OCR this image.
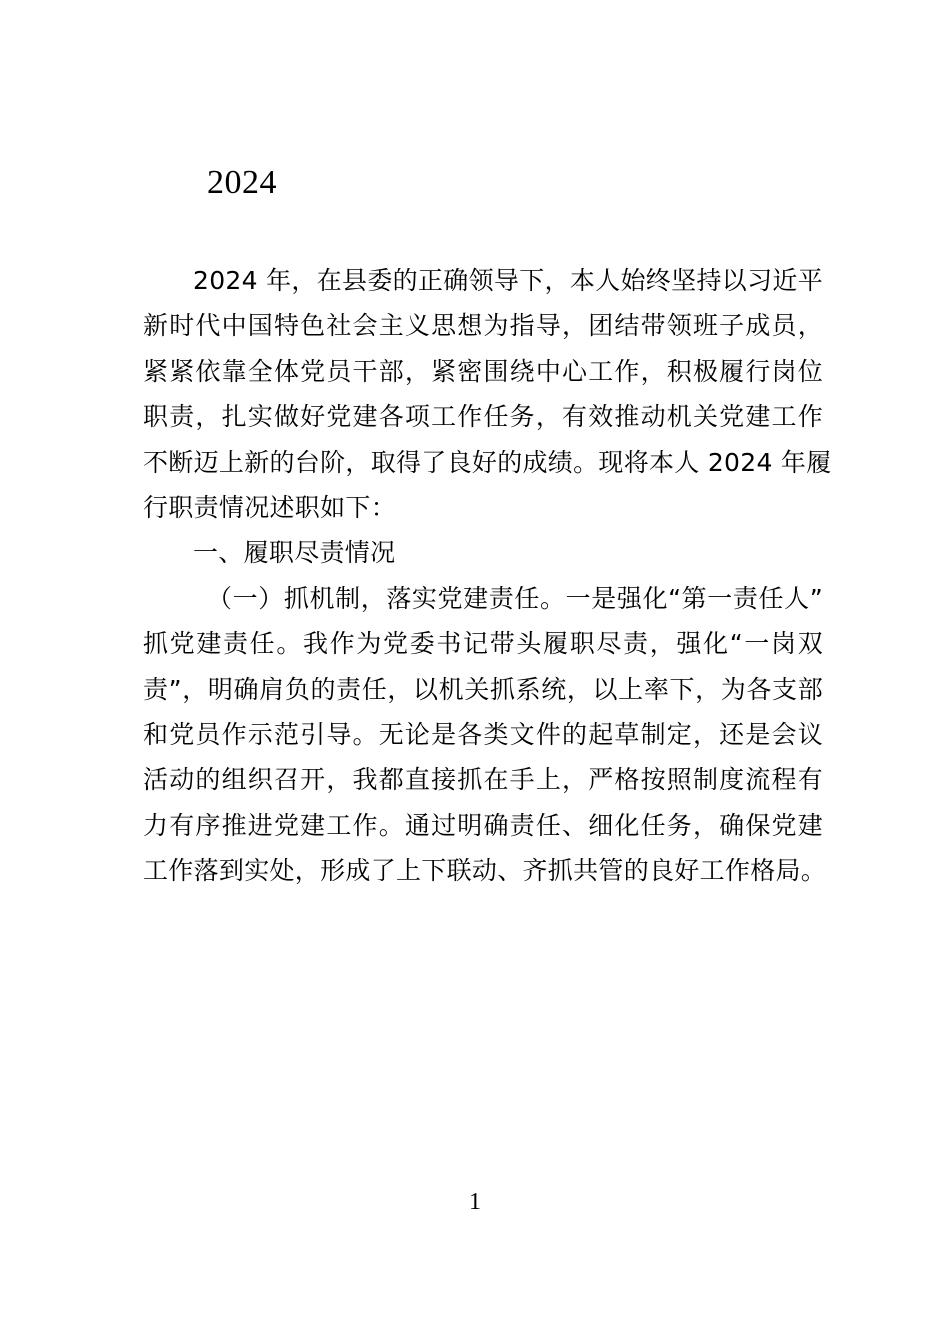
2024
2024 年，在县委的正确领导下，本人始终坚持以习近平
新时代中国特色社会主义思想为指导，团结带领班子成员，
紧紧依靠全体党员干部，紧密围绕中心工作，积极履行岗位
职责，扎实做好党建各项工作任务，有效推动机关党建工作
不断迈上新的台阶，取得了良好的成绩。现将本人 2024 年履
行职责情况述职如下：
一、履职尽责情况
（一）抓机制，落实党建责任。一是强化“第一责任人”
抓党建责任。我作为党委书记带头履职尽责，强化“一岗双
责”，明确肩负的责任，以机关抓系统，以上率下，为各支部
和党员作示范引导。无论是各类文件的起草制定，还是会议
活动的组织召开，我都直接抓在手上，严格按照制度流程有
力有序推进党建工作。通过明确责任、细化任务，确保党建
工作落到实处，形成了上下联动、齐抓共管的良好工作格局。
1
